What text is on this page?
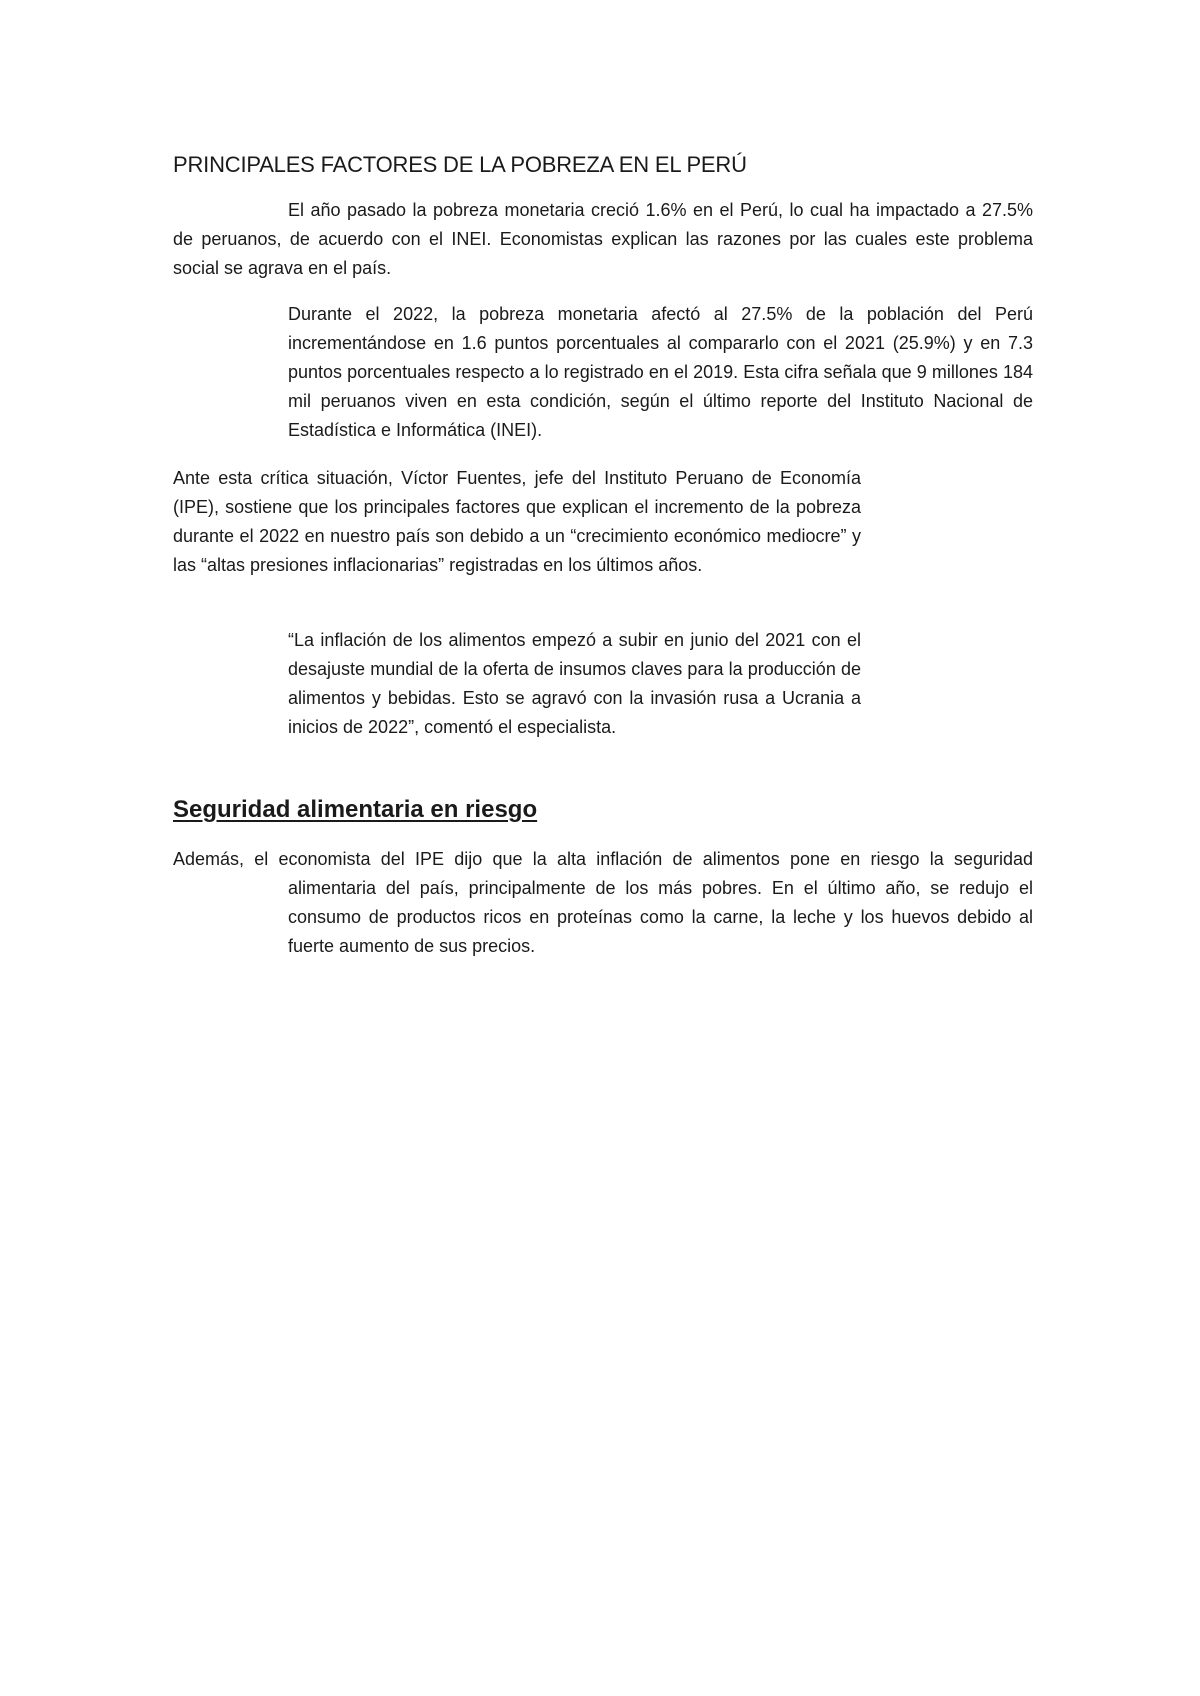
PRINCIPALES FACTORES DE LA POBREZA EN EL PERÚ

El año pasado la pobreza monetaria creció 1.6% en el Perú, lo cual ha impactado a 27.5% de peruanos, de acuerdo con el INEI. Economistas explican las razones por las cuales este problema social se agrava en el país.

Durante el 2022, la pobreza monetaria afectó al 27.5% de la población del Perú incrementándose en 1.6 puntos porcentuales al compararlo con el 2021 (25.9%) y en 7.3 puntos porcentuales respecto a lo registrado en el 2019. Esta cifra señala que 9 millones 184 mil peruanos viven en esta condición, según el último reporte del Instituto Nacional de Estadística e Informática (INEI).

Ante esta crítica situación, Víctor Fuentes, jefe del Instituto Peruano de Economía (IPE), sostiene que los principales factores que explican el incremento de la pobreza durante el 2022 en nuestro país son debido a un “crecimiento económico mediocre” y las “altas presiones inflacionarias” registradas en los últimos años.

“La inflación de los alimentos empezó a subir en junio del 2021 con el desajuste mundial de la oferta de insumos claves para la producción de alimentos y bebidas. Esto se agravó con la invasión rusa a Ucrania a inicios de 2022”, comentó el especialista.

Seguridad alimentaria en riesgo

Además, el economista del IPE dijo que la alta inflación de alimentos pone en riesgo la seguridad alimentaria del país, principalmente de los más pobres. En el último año, se redujo el consumo de productos ricos en proteínas como la carne, la leche y los huevos debido al fuerte aumento de sus precios.
